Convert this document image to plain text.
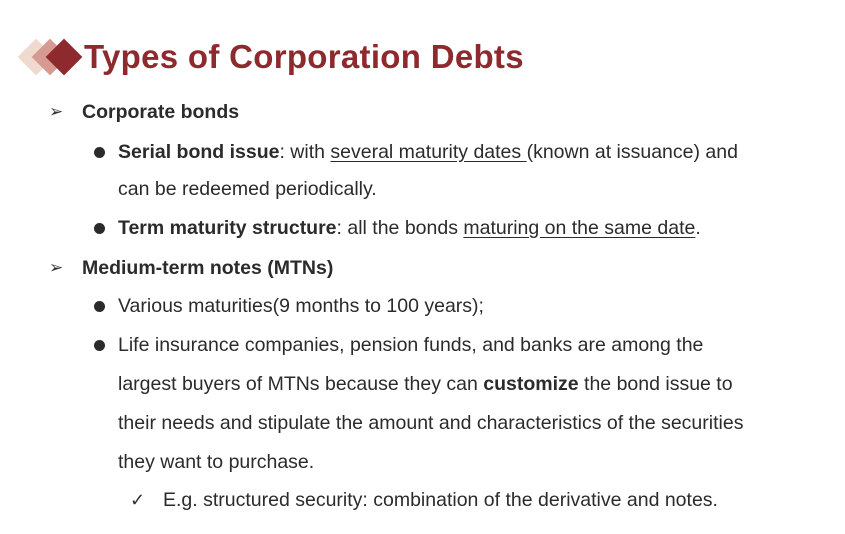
Types of Corporation Debts
➢ Corporate bonds
Serial bond issue: with several maturity dates (known at issuance) and
can be redeemed periodically.
Term maturity structure: all the bonds maturing on the same date.
➢ Medium-term notes (MTNs)
Various maturities(9 months to 100 years);
Life insurance companies, pension funds, and banks are among the
largest buyers of MTNs because they can customize the bond issue to
their needs and stipulate the amount and characteristics of the securities
they want to purchase.
✓ E.g. structured security: combination of the derivative and notes.
